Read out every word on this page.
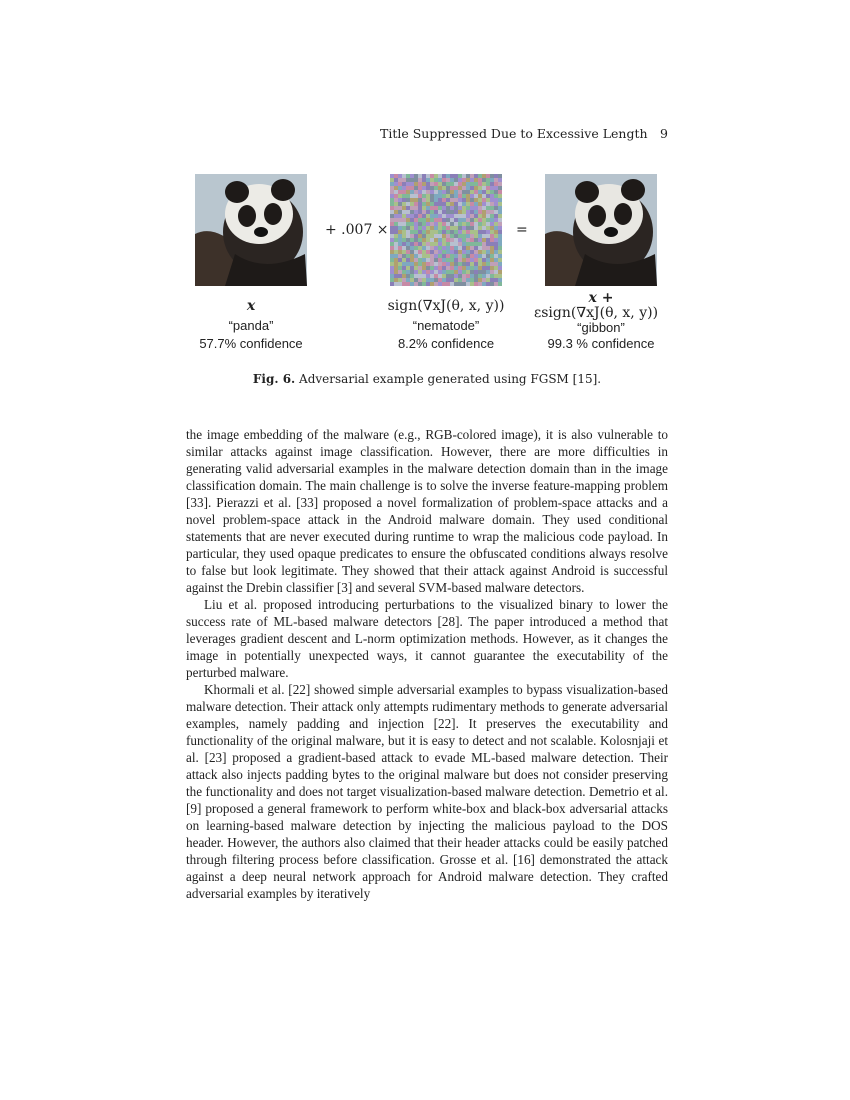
Title Suppressed Due to Excessive Length 9
+ .007 ×	=
x
“panda”
57.7% confidence
sign(∇xJ(θ, x, y))
“nematode”
8.2% confidence
x +
εsign(∇xJ(θ, x, y))
“gibbon”
99.3 % confidence
Fig. 6. Adversarial example generated using FGSM [15].

the image embedding of the malware (e.g., RGB-colored image), it is also vulnerable to similar attacks against image classification. However, there are more difficulties in generating valid adversarial examples in the malware detection domain than in the image classification domain. The main challenge is to solve the inverse feature-mapping problem [33]. Pierazzi et al. [33] proposed a novel formalization of problem-space attacks and a novel problem-space attack in the Android malware domain. They used conditional statements that are never executed during runtime to wrap the malicious code payload. In particular, they used opaque predicates to ensure the obfuscated conditions always resolve to false but look legitimate. They showed that their attack against Android is successful against the Drebin classifier [3] and several SVM-based malware detectors.

Liu et al. proposed introducing perturbations to the visualized binary to lower the success rate of ML-based malware detectors [28]. The paper introduced a method that leverages gradient descent and L-norm optimization methods. However, as it changes the image in potentially unexpected ways, it cannot guarantee the executability of the perturbed malware.

Khormali et al. [22] showed simple adversarial examples to bypass visualization-based malware detection. Their attack only attempts rudimentary methods to generate adversarial examples, namely padding and injection [22]. It preserves the executability and functionality of the original malware, but it is easy to detect and not scalable. Kolosnjaji et al. [23] proposed a gradient-based attack to evade ML-based malware detection. Their attack also injects padding bytes to the original malware but does not consider preserving the functionality and does not target visualization-based malware detection. Demetrio et al. [9] proposed a general framework to perform white-box and black-box adversarial attacks on learning-based malware detection by injecting the malicious payload to the DOS header. However, the authors also claimed that their header attacks could be easily patched through filtering process before classification. Grosse et al. [16] demonstrated the attack against a deep neural network approach for Android malware detection. They crafted adversarial examples by iteratively
